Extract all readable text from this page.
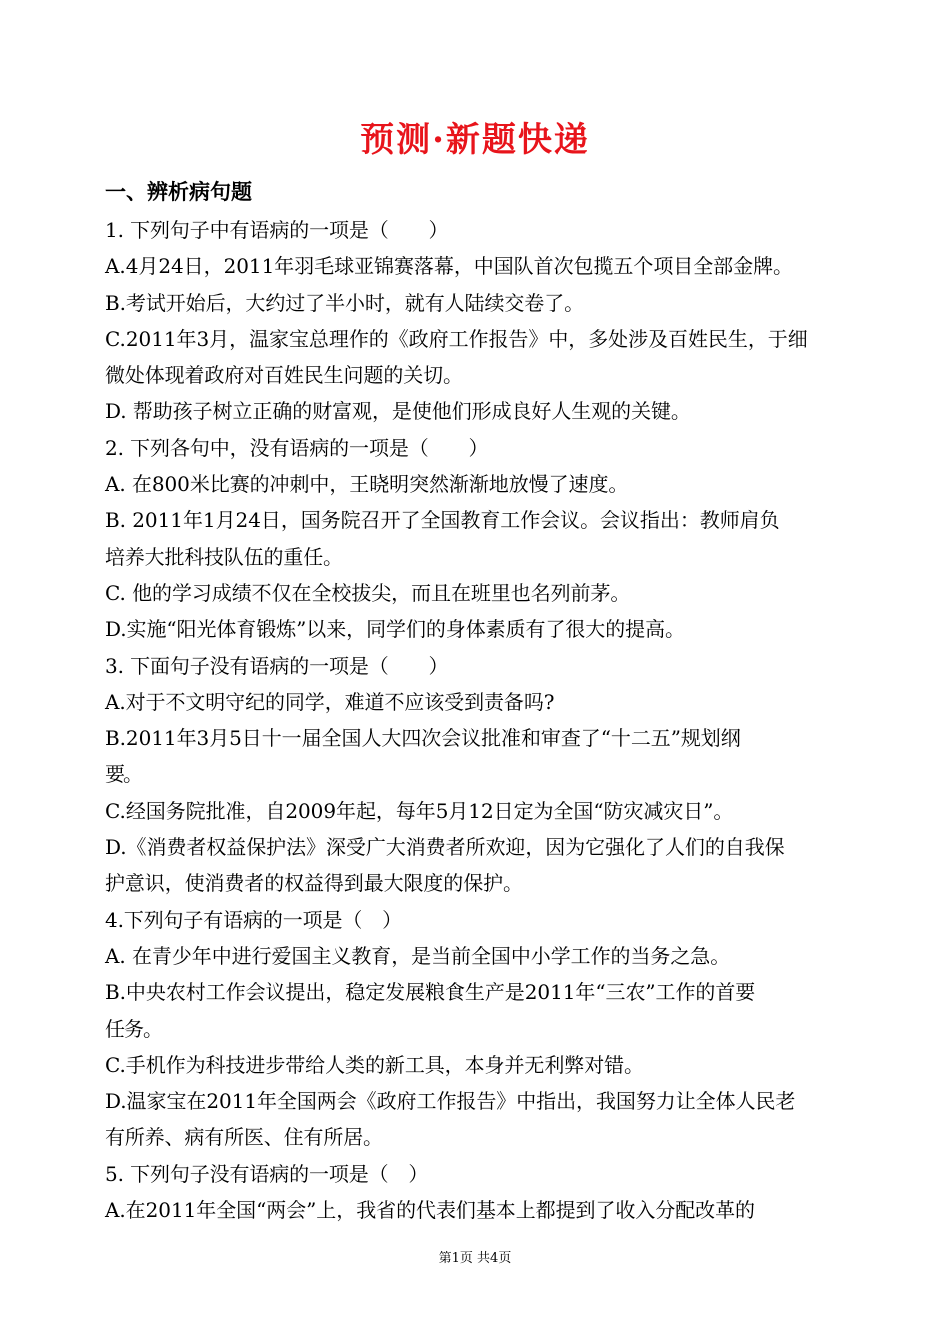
预测·新题快递
一、辨析病句题
1. 下列句子中有语病的一项是（　　）
A.4月24日，2011年羽毛球亚锦赛落幕，中国队首次包揽五个项目全部金牌。
B.考试开始后，大约过了半小时，就有人陆续交卷了。
C.2011年3月，温家宝总理作的《政府工作报告》中，多处涉及百姓民生，于细
微处体现着政府对百姓民生问题的关切。
D. 帮助孩子树立正确的财富观，是使他们形成良好人生观的关键。
2. 下列各句中，没有语病的一项是（　　）
A. 在800米比赛的冲刺中，王晓明突然渐渐地放慢了速度。
B. 2011年1月24日，国务院召开了全国教育工作会议。会议指出：教师肩负
培养大批科技队伍的重任。
C. 他的学习成绩不仅在全校拔尖，而且在班里也名列前茅。
D.实施“阳光体育锻炼”以来，同学们的身体素质有了很大的提高。
3. 下面句子没有语病的一项是（　　）
A.对于不文明守纪的同学，难道不应该受到责备吗?
B.2011年3月5日十一届全国人大四次会议批准和审查了“十二五”规划纲
要。
C.经国务院批准，自2009年起，每年5月12日定为全国“防灾减灾日”。
D.《消费者权益保护法》深受广大消费者所欢迎，因为它强化了人们的自我保
护意识，使消费者的权益得到最大限度的保护。
4.下列句子有语病的一项是（　）
A. 在青少年中进行爱国主义教育，是当前全国中小学工作的当务之急。
B.中央农村工作会议提出，稳定发展粮食生产是2011年“三农”工作的首要
任务。
C.手机作为科技进步带给人类的新工具，本身并无利弊对错。
D.温家宝在2011年全国两会《政府工作报告》中指出，我国努力让全体人民老
有所养、病有所医、住有所居。
5. 下列句子没有语病的一项是（　）
A.在2011年全国“两会”上，我省的代表们基本上都提到了收入分配改革的
第1页 共4页
